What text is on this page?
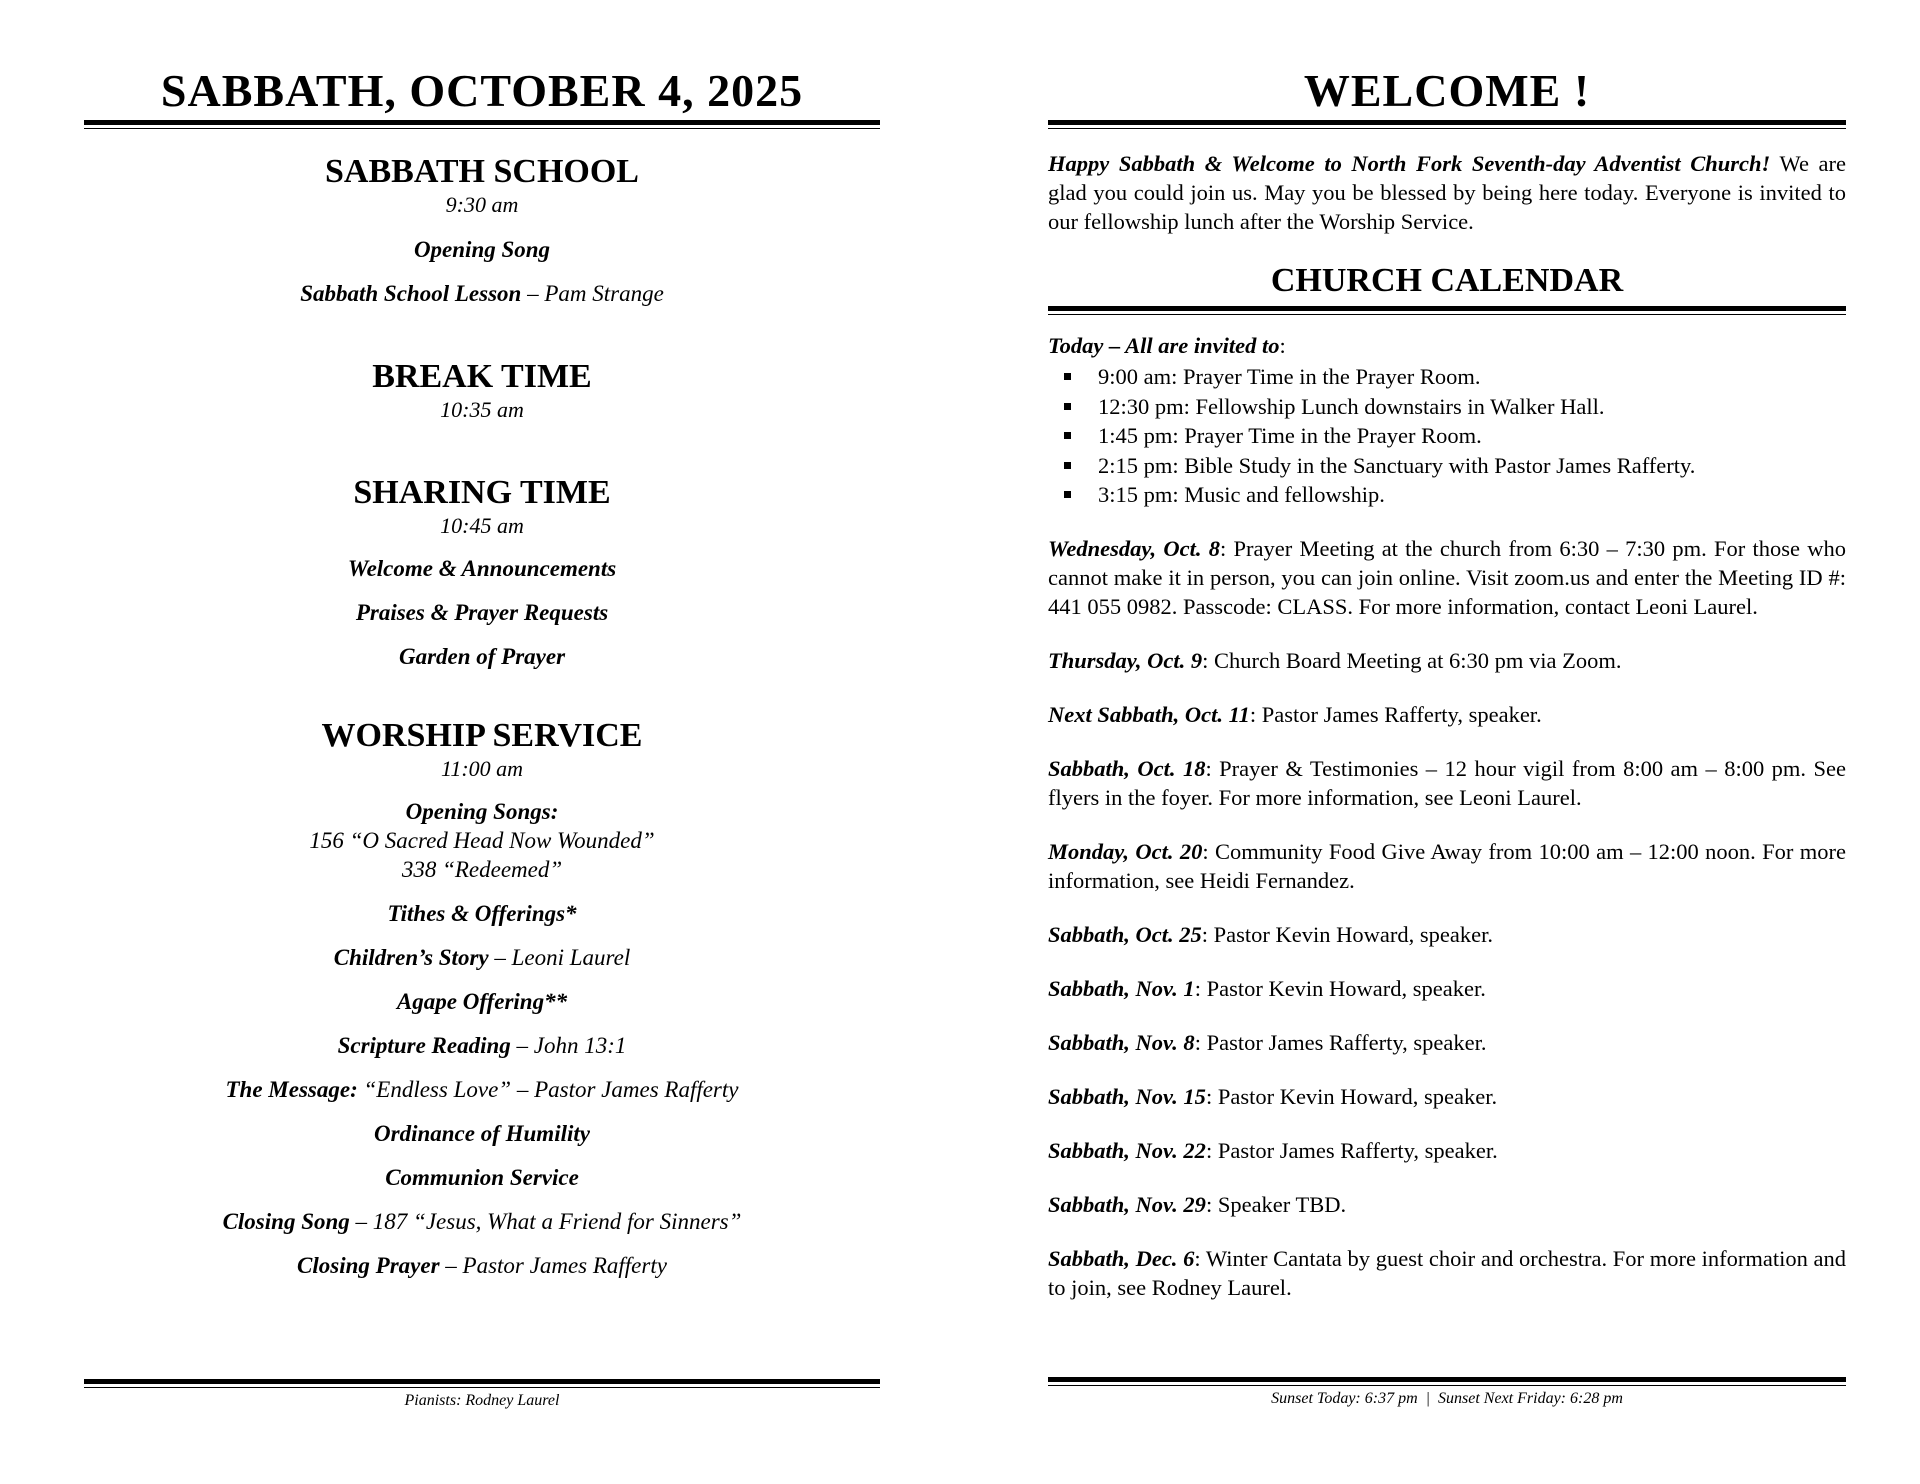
SABBATH, OCTOBER 4, 2025
SABBATH SCHOOL

9:30 am

Opening Song

Sabbath School Lesson – Pam Strange

BREAK TIME

10:35 am

SHARING TIME

10:45 am

Welcome & Announcements

Praises & Prayer Requests

Garden of Prayer

WORSHIP SERVICE

11:00 am

Opening Songs:

156 “O Sacred Head Now Wounded”

338 “Redeemed”

Tithes & Offerings*

Children’s Story – Leoni Laurel

Agape Offering**

Scripture Reading – John 13:1

The Message: “Endless Love” – Pastor James Rafferty

Ordinance of Humility

Communion Service

Closing Song – 187 “Jesus, What a Friend for Sinners”

Closing Prayer – Pastor James Rafferty

Pianists: Rodney Laurel
WELCOME !

Happy Sabbath & Welcome to North Fork Seventh-day Adventist Church! We are glad you could join us. May you be blessed by being here today. Everyone is invited to our fellowship lunch after the Worship Service.

CHURCH CALENDAR

Today – All are invited to:

9:00 am: Prayer Time in the Prayer Room.
12:30 pm: Fellowship Lunch downstairs in Walker Hall.
1:45 pm: Prayer Time in the Prayer Room.
2:15 pm: Bible Study in the Sanctuary with Pastor James Rafferty.
3:15 pm: Music and fellowship.

Wednesday, Oct. 8: Prayer Meeting at the church from 6:30 – 7:30 pm. For those who cannot make it in person, you can join online. Visit zoom.us and enter the Meeting ID #: 441 055 0982. Passcode: CLASS. For more information, contact Leoni Laurel.

Thursday, Oct. 9: Church Board Meeting at 6:30 pm via Zoom.

Next Sabbath, Oct. 11: Pastor James Rafferty, speaker.

Sabbath, Oct. 18: Prayer & Testimonies – 12 hour vigil from 8:00 am – 8:00 pm. See flyers in the foyer. For more information, see Leoni Laurel.

Monday, Oct. 20: Community Food Give Away from 10:00 am – 12:00 noon. For more information, see Heidi Fernandez.

Sabbath, Oct. 25: Pastor Kevin Howard, speaker.

Sabbath, Nov. 1: Pastor Kevin Howard, speaker.

Sabbath, Nov. 8: Pastor James Rafferty, speaker.

Sabbath, Nov. 15: Pastor Kevin Howard, speaker.

Sabbath, Nov. 22: Pastor James Rafferty, speaker.

Sabbath, Nov. 29: Speaker TBD.

Sabbath, Dec. 6: Winter Cantata by guest choir and orchestra. For more information and to join, see Rodney Laurel.

Sunset Today: 6:37 pm  |  Sunset Next Friday: 6:28 pm
